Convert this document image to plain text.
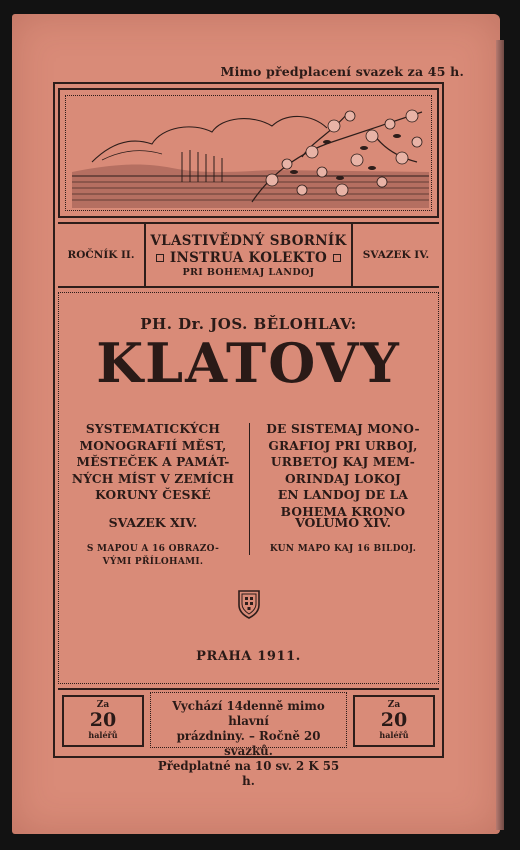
Mimo předplacení svazek za 45 h.
ROČNÍK II.
VLASTIVĚDNÝ SBORNÍK
INSTRUA KOLEKTO
PRI BOHEMAJ LANDOJ
SVAZEK IV.
PH. Dr. JOS. BĚLOHLAV:
KLATOVY
SYSTEMATICKÝCH
MONOGRAFIÍ MĚST,
MĚSTEČEK A PAMÁT-
NÝCH MÍST V ZEMÍCH
KORUNY ČESKÉ
DE SISTEMAJ MONO-
GRAFIOJ PRI URBOJ,
URBETOJ KAJ MEM-
ORINDAJ LOKOJ
EN LANDOJ DE LA
BOHEMA KRONO
SVAZEK XIV.	VOLUMO XIV.
S MAPOU A 16 OBRAZO-
VÝMI PŘÍLOHAMI.
KUN MAPO KAJ 16 BILDOJ.
PRAHA 1911.
Za
20
haléřů
Vychází 14denně mimo hlavní
prázdniny. – Ročně 20 svazků.
Předplatné na 10 sv. 2 K 55 h.
Za
20
haléřů
